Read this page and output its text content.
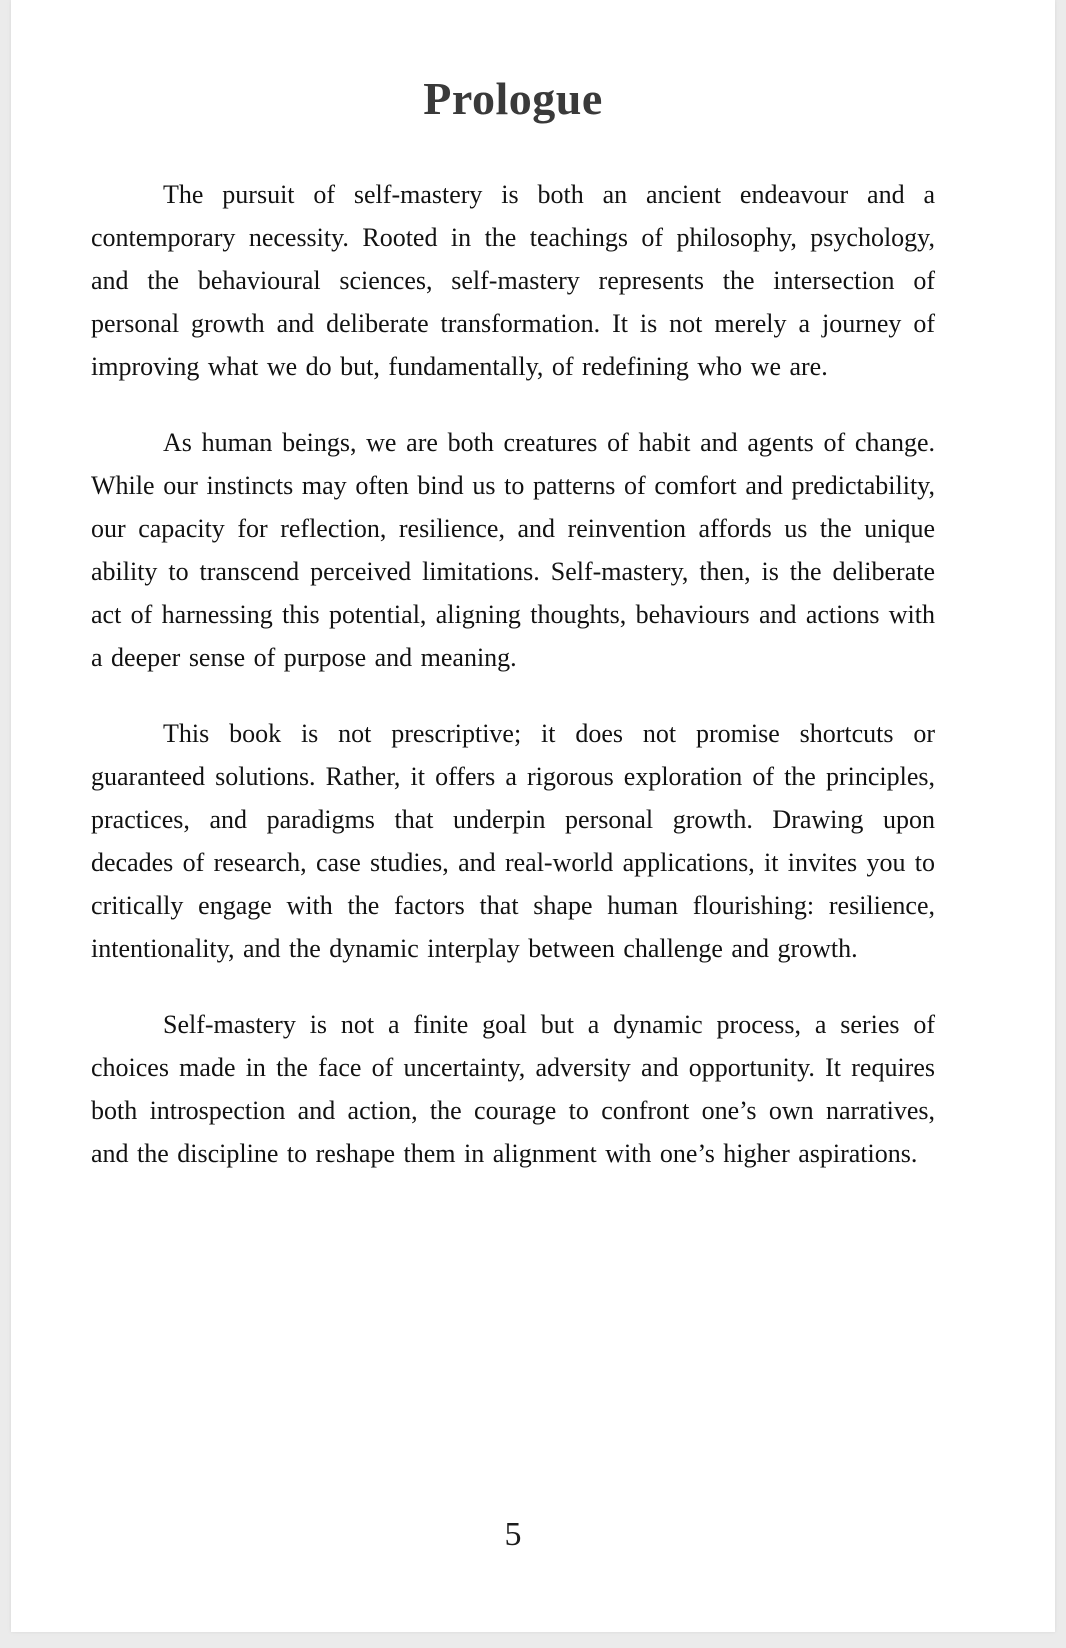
Prologue

The pursuit of self-mastery is both an ancient endeavour and a contemporary necessity. Rooted in the teachings of philosophy, psychology, and the behavioural sciences, self-mastery represents the intersection of personal growth and deliberate transformation. It is not merely a journey of improving what we do but, fundamentally, of redefining who we are.

As human beings, we are both creatures of habit and agents of change. While our instincts may often bind us to patterns of comfort and predictability, our capacity for reflection, resilience, and reinvention affords us the unique ability to transcend perceived limitations. Self-mastery, then, is the deliberate act of harnessing this potential, aligning thoughts, behaviours and actions with a deeper sense of purpose and meaning.

This book is not prescriptive; it does not promise shortcuts or guaranteed solutions. Rather, it offers a rigorous exploration of the principles, practices, and paradigms that underpin personal growth. Drawing upon decades of research, case studies, and real-world applications, it invites you to critically engage with the factors that shape human flourishing: resilience, intentionality, and the dynamic interplay between challenge and growth.

Self-mastery is not a finite goal but a dynamic process, a series of choices made in the face of uncertainty, adversity and opportunity. It requires both introspection and action, the courage to confront one’s own narratives, and the discipline to reshape them in alignment with one’s higher aspirations.

5
